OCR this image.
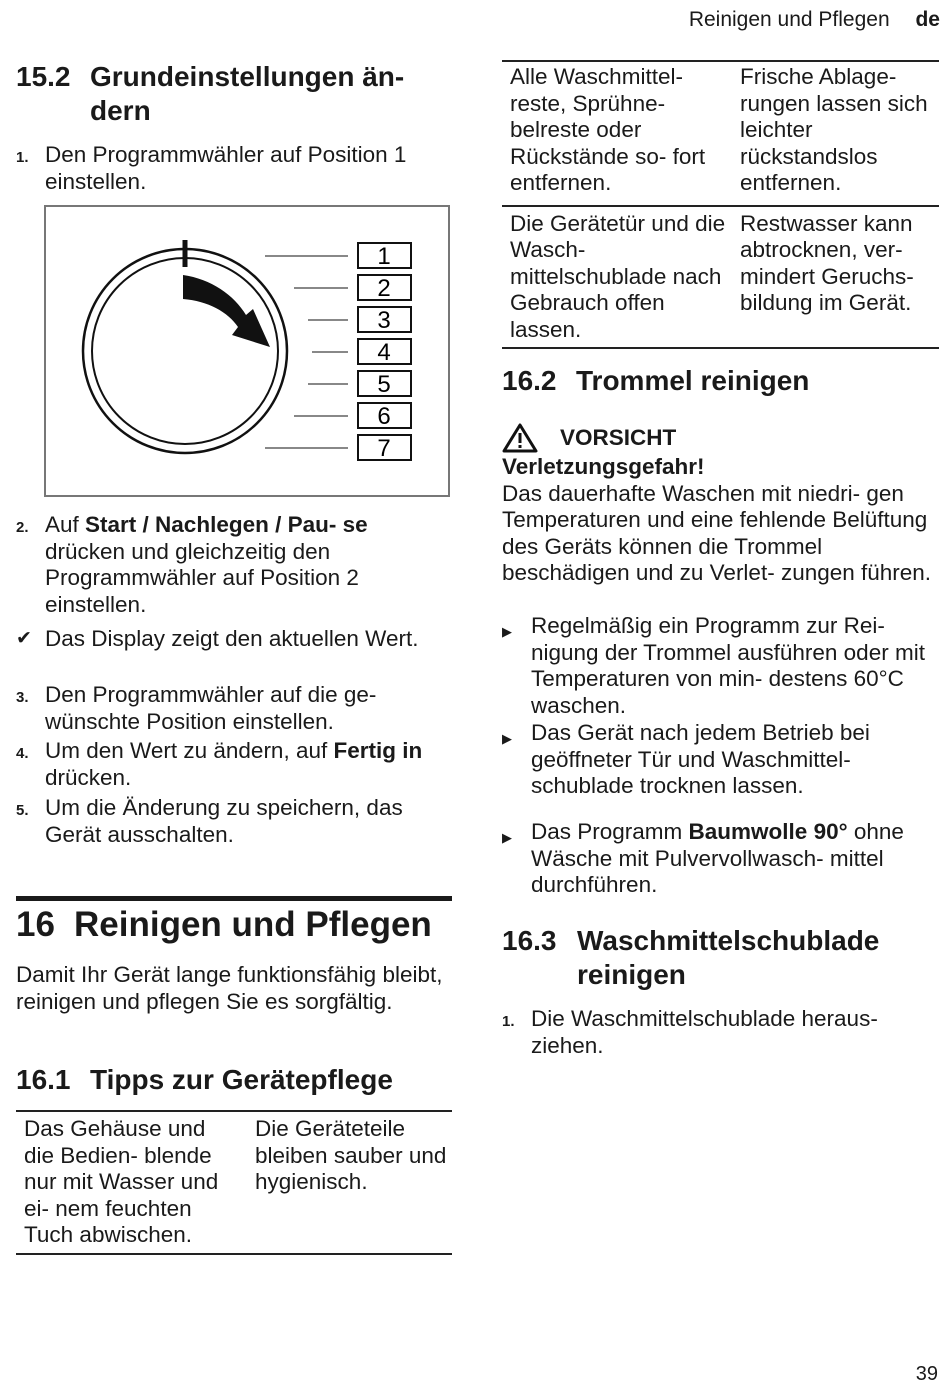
Reinigen und Pflegen de
15.2 Grundeinstellungen än-
dern
1. Den Programmwähler auf Position 1 einstellen.
1
2
3
4
5
6
7
2. Auf Start / Nachlegen / Pau- se drücken und gleichzeitig den Programmwähler auf Position 2 einstellen.
✔ Das Display zeigt den aktuellen Wert.
3. Den Programmwähler auf die ge- wünschte Position einstellen.
4. Um den Wert zu ändern, auf Fertig in drücken.
5. Um die Änderung zu speichern, das Gerät ausschalten.
16 Reinigen und Pflegen
Damit Ihr Gerät lange funktionsfähig bleibt, reinigen und pflegen Sie es sorgfältig.
16.1 Tipps zur Gerätepflege
Das Gehäuse und die Bedien- blende nur mit Wasser und ei- nem feuchten Tuch abwischen.	Die Geräteteile bleiben sauber und hygienisch.
Alle Waschmittel- reste, Sprühne- belreste oder Rückstände so- fort entfernen.	Frische Ablage- rungen lassen sich leichter rückstandslos entfernen.
Die Gerätetür und die Wasch- mittelschublade nach Gebrauch offen lassen.	Restwasser kann abtrocknen, ver- mindert Geruchs- bildung im Gerät.
16.2 Trommel reinigen
VORSICHT
Verletzungsgefahr!
Das dauerhafte Waschen mit niedri- gen Temperaturen und eine fehlende Belüftung des Geräts können die Trommel beschädigen und zu Verlet- zungen führen.
▶ Regelmäßig ein Programm zur Rei- nigung der Trommel ausführen oder mit Temperaturen von min- destens 60°C waschen.
▶ Das Gerät nach jedem Betrieb bei geöffneter Tür und Waschmittel- schublade trocknen lassen.
▶ Das Programm Baumwolle 90° ohne Wäsche mit Pulvervollwasch- mittel durchführen.
16.3 Waschmittelschublade
reinigen
1. Die Waschmittelschublade heraus- ziehen.
39
